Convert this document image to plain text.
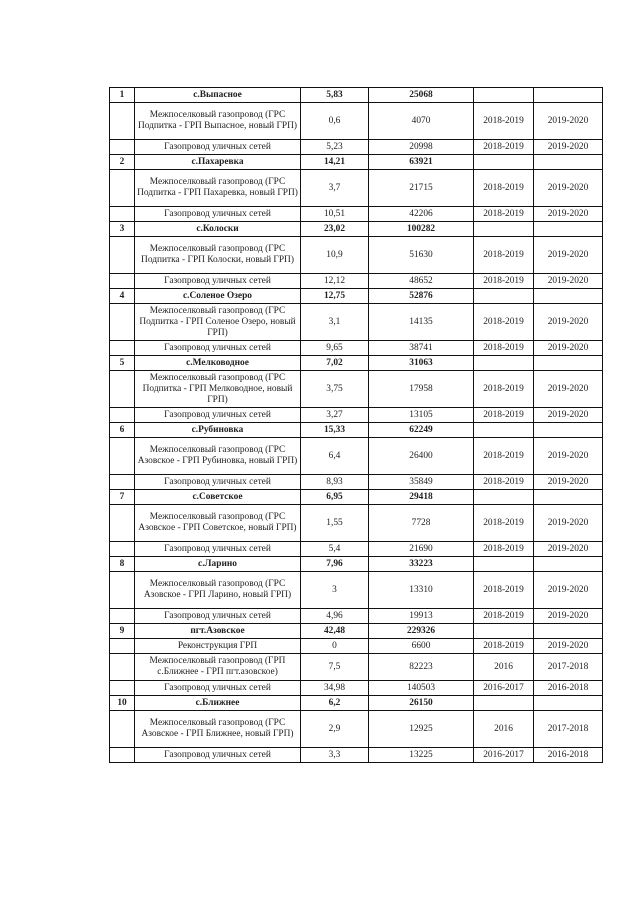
1	с.Выпасное	5,83	25068		
	Межпоселковый газопровод (ГРС Подпитка - ГРП Выпасное, новый ГРП)	0,6	4070	2018-2019	2019-2020
	Газопровод уличных сетей	5,23	20998	2018-2019	2019-2020
2	с.Пахаревка	14,21	63921		
	Межпоселковый газопровод (ГРС Подпитка - ГРП Пахаревка, новый ГРП)	3,7	21715	2018-2019	2019-2020
	Газопровод уличных сетей	10,51	42206	2018-2019	2019-2020
3	с.Колоски	23,02	100282		
	Межпоселковый газопровод (ГРС Подпитка - ГРП Колоски, новый ГРП)	10,9	51630	2018-2019	2019-2020
	Газопровод уличных сетей	12,12	48652	2018-2019	2019-2020
4	с.Соленое Озеро	12,75	52876		
	Межпоселковый газопровод (ГРС Подпитка - ГРП Соленое Озеро, новый ГРП)	3,1	14135	2018-2019	2019-2020
	Газопровод уличных сетей	9,65	38741	2018-2019	2019-2020
5	с.Мелководное	7,02	31063		
	Межпоселковый газопровод (ГРС Подпитка - ГРП Мелководное, новый ГРП)	3,75	17958	2018-2019	2019-2020
	Газопровод уличных сетей	3,27	13105	2018-2019	2019-2020
6	с.Рубиновка	15,33	62249		
	Межпоселковый газопровод (ГРС Азовское - ГРП Рубиновка, новый ГРП)	6,4	26400	2018-2019	2019-2020
	Газопровод уличных сетей	8,93	35849	2018-2019	2019-2020
7	с.Советское	6,95	29418		
	Межпоселковый газопровод (ГРС Азовское - ГРП Советское, новый ГРП)	1,55	7728	2018-2019	2019-2020
	Газопровод уличных сетей	5,4	21690	2018-2019	2019-2020
8	с.Ларино	7,96	33223		
	Межпоселковый газопровод (ГРС Азовское - ГРП Ларино, новый ГРП)	3	13310	2018-2019	2019-2020
	Газопровод уличных сетей	4,96	19913	2018-2019	2019-2020
9	пгт.Азовское	42,48	229326		
	Реконструкция ГРП	0	6600	2018-2019	2019-2020
	Межпоселковый газопровод (ГРП с.Ближнее - ГРП пгт.азовское)	7,5	82223	2016	2017-2018
	Газопровод уличных сетей	34,98	140503	2016-2017	2016-2018
10	с.Ближнее	6,2	26150		
	Межпоселковый газопровод (ГРС Азовское - ГРП Ближнее, новый ГРП)	2,9	12925	2016	2017-2018
	Газопровод уличных сетей	3,3	13225	2016-2017	2016-2018
